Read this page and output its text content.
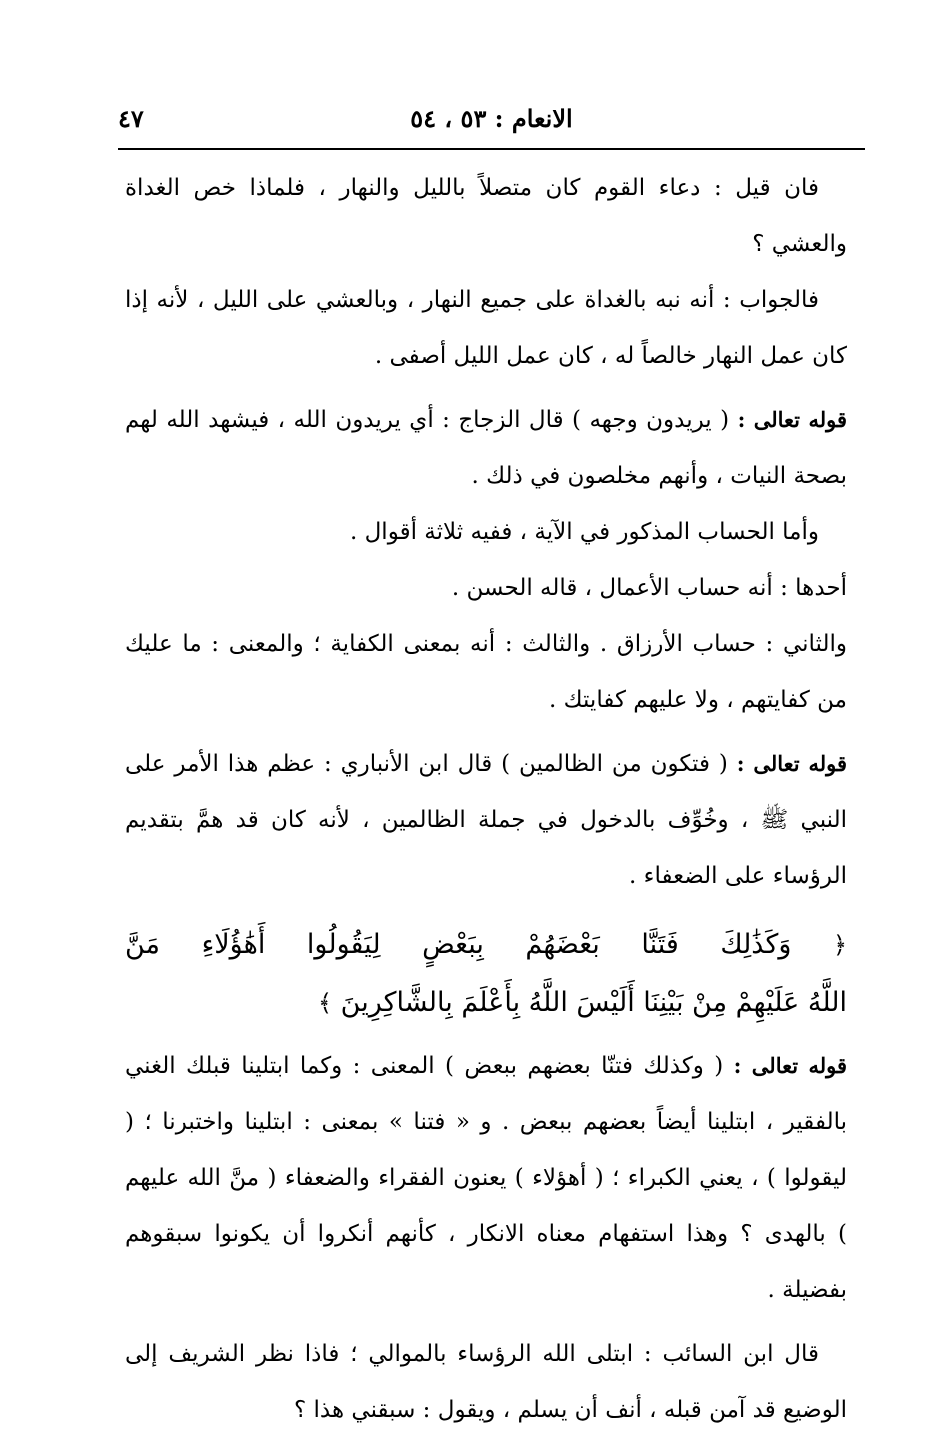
الانعام : ٥٣ ، ٥٤
٤٧

فان قيل : دعاء القوم كان متصلاً بالليل والنهار ، فلماذا خص الغداة والعشي ؟

فالجواب : أنه نبه بالغداة على جميع النهار ، وبالعشي على الليل ، لأنه إذا كان عمل النهار خالصاً له ، كان عمل الليل أصفى .

قوله تعالى : ( يريدون وجهه ) قال الزجاج : أي يريدون الله ، فيشهد الله لهم بصحة النيات ، وأنهم مخلصون في ذلك .

وأما الحساب المذكور في الآية ، ففيه ثلاثة أقوال .

أحدها : أنه حساب الأعمال ، قاله الحسن .

والثاني : حساب الأرزاق . والثالث : أنه بمعنى الكفاية ؛ والمعنى : ما عليك من كفايتهم ، ولا عليهم كفايتك .

قوله تعالى : ( فتكون من الظالمين ) قال ابن الأنباري : عظم هذا الأمر على النبي ﷺ ، وخُوِّف بالدخول في جملة الظالمين ، لأنه كان قد همَّ بتقديم الرؤساء على الضعفاء .

﴿ وَكَذَٰلِكَ فَتَنَّا بَعْضَهُمْ بِبَعْضٍ لِيَقُولُوا أَهَٰؤُلَاءِ مَنَّ
اللَّهُ عَلَيْهِمْ مِنْ بَيْنِنَا أَلَيْسَ اللَّهُ بِأَعْلَمَ بِالشَّاكِرِينَ ﴾

قوله تعالى : ( وكذلك فتنّا بعضهم ببعض ) المعنى : وكما ابتلينا قبلك الغني بالفقير ، ابتلينا أيضاً بعضهم ببعض . و « فتنا » بمعنى : ابتلينا واختبرنا ؛ ( ليقولوا ) ، يعني الكبراء ؛ ( أهؤلاء ) يعنون الفقراء والضعفاء ( منَّ الله عليهم ) بالهدى ؟ وهذا استفهام معناه الانكار ، كأنهم أنكروا أن يكونوا سبقوهم بفضيلة .

قال ابن السائب : ابتلى الله الرؤساء بالموالي ؛ فاذا نظر الشريف إلى الوضيع قد آمن قبله ، أنف أن يسلم ، ويقول : سبقني هذا ؟
